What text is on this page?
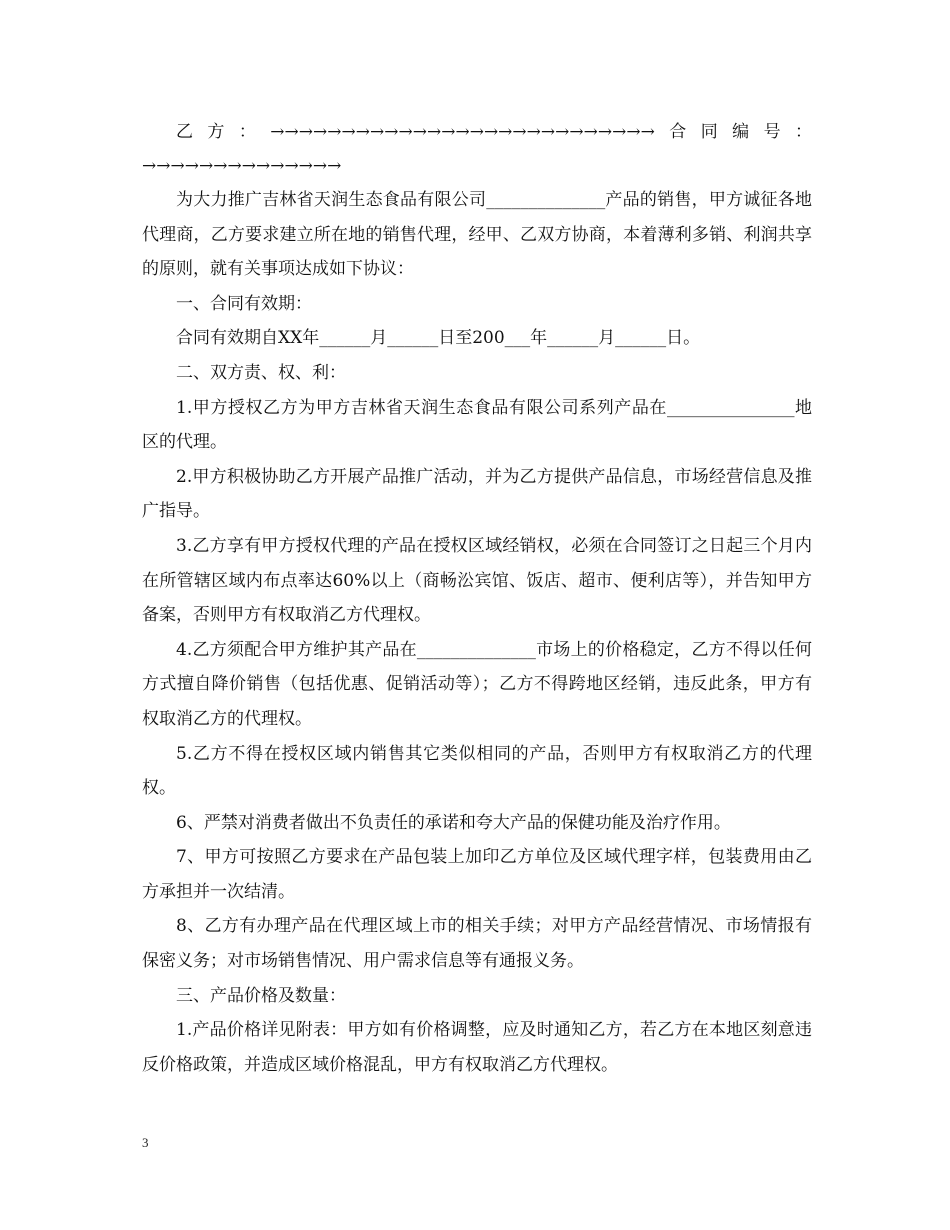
乙方：→→→→→→→→→→→→→→→→→→→→→→→→→→→合同编号：→→→→→→→→→→→→→→

为大力推广吉林省天润生态食品有限公司______________产品的销售，甲方诚征各地代理商，乙方要求建立所在地的销售代理，经甲、乙双方协商，本着薄利多销、利润共享的原则，就有关事项达成如下协议：

一、合同有效期：

合同有效期自XX年______月______日至200___年______月______日。

二、双方责、权、利：

1.甲方授权乙方为甲方吉林省天润生态食品有限公司系列产品在_______________地区的代理。

2.甲方积极协助乙方开展产品推广活动，并为乙方提供产品信息，市场经营信息及推广指导。

3.乙方享有甲方授权代理的产品在授权区域经销权，必须在合同签订之日起三个月内在所管辖区域内布点率达60%以上（商畅㳂宾馆、饭店、超市、便利店等），并告知甲方备案，否则甲方有权取消乙方代理权。

4.乙方须配合甲方维护其产品在______________市场上的价格稳定，乙方不得以任何方式擅自降价销售（包括优惠、促销活动等）；乙方不得跨地区经销，违反此条，甲方有权取消乙方的代理权。

5.乙方不得在授权区域内销售其它类似相同的产品，否则甲方有权取消乙方的代理权。

6、严禁对消费者做出不负责任的承诺和夸大产品的保健功能及治疗作用。

7、甲方可按照乙方要求在产品包装上加印乙方单位及区域代理字样，包装费用由乙方承担并一次结清。

8、乙方有办理产品在代理区域上市的相关手续；对甲方产品经营情况、市场情报有保密义务；对市场销售情况、用户需求信息等有通报义务。

三、产品价格及数量：

1.产品价格详见附表：甲方如有价格调整，应及时通知乙方，若乙方在本地区刻意违反价格政策，并造成区域价格混乱，甲方有权取消乙方代理权。

3
